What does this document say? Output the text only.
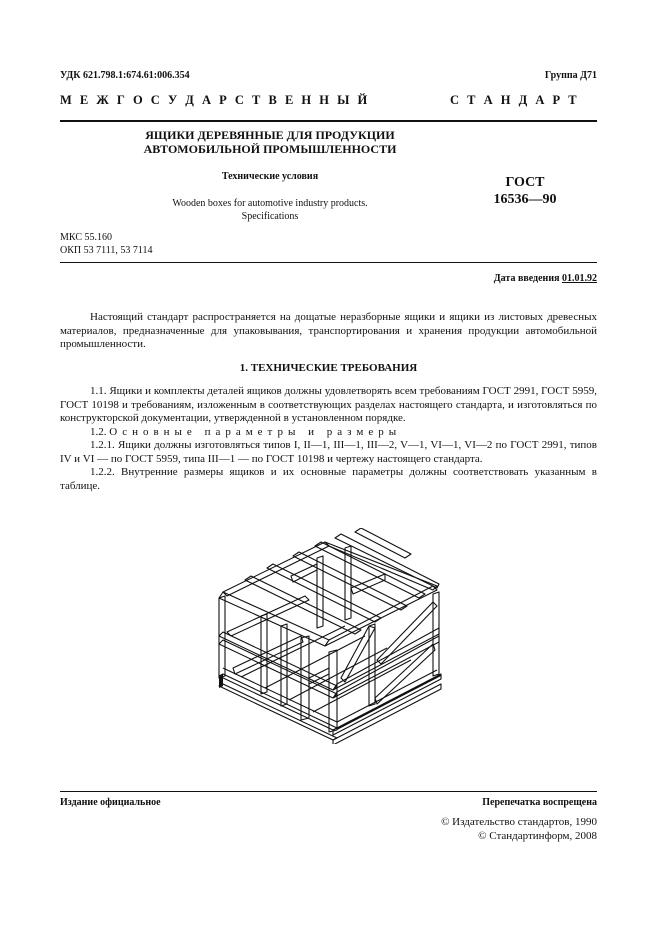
УДК 621.798.1:674.61:006.354	Группа Д71
М Е Ж Г О С У Д А Р С Т В Е Н Н Ы Й	С Т А Н Д А Р Т
ЯЩИКИ ДЕРЕВЯННЫЕ ДЛЯ ПРОДУКЦИИ
АВТОМОБИЛЬНОЙ ПРОМЫШЛЕННОСТИ
Технические условия
Wooden boxes for automotive industry products.
Specifications
ГОСТ
16536—90
МКС 55.160
ОКП 53 7111, 53 7114
Дата введения 01.01.92

Настоящий стандарт распространяется на дощатые неразборные ящики и ящики из листовых древесных материалов, предназначенные для упаковывания, транспортирования и хранения продукции автомобильной промышленности.

1. ТЕХНИЧЕСКИЕ ТРЕБОВАНИЯ

1.1. Ящики и комплекты деталей ящиков должны удовлетворять всем требованиям ГОСТ 2991, ГОСТ 5959, ГОСТ 10198 и требованиям, изложенным в соответствующих разделах настоящего стандарта, и изготовляться по конструкторской документации, утвержденной в установленном порядке.

1.2. Основные параметры и размеры

1.2.1. Ящики должны изготовляться типов I, II—1, III—1, III—2, V—1, VI—1, VI—2 по ГОСТ 2991, типов IV и VI — по ГОСТ 5959, типа III—1 — по ГОСТ 10198 и чертежу настоящего стандарта.

1.2.2. Внутренние размеры ящиков и их основные параметры должны соответствовать указанным в таблице.

Издание официальное	Перепечатка воспрещена
© Издательство стандартов, 1990
© Стандартинформ, 2008
